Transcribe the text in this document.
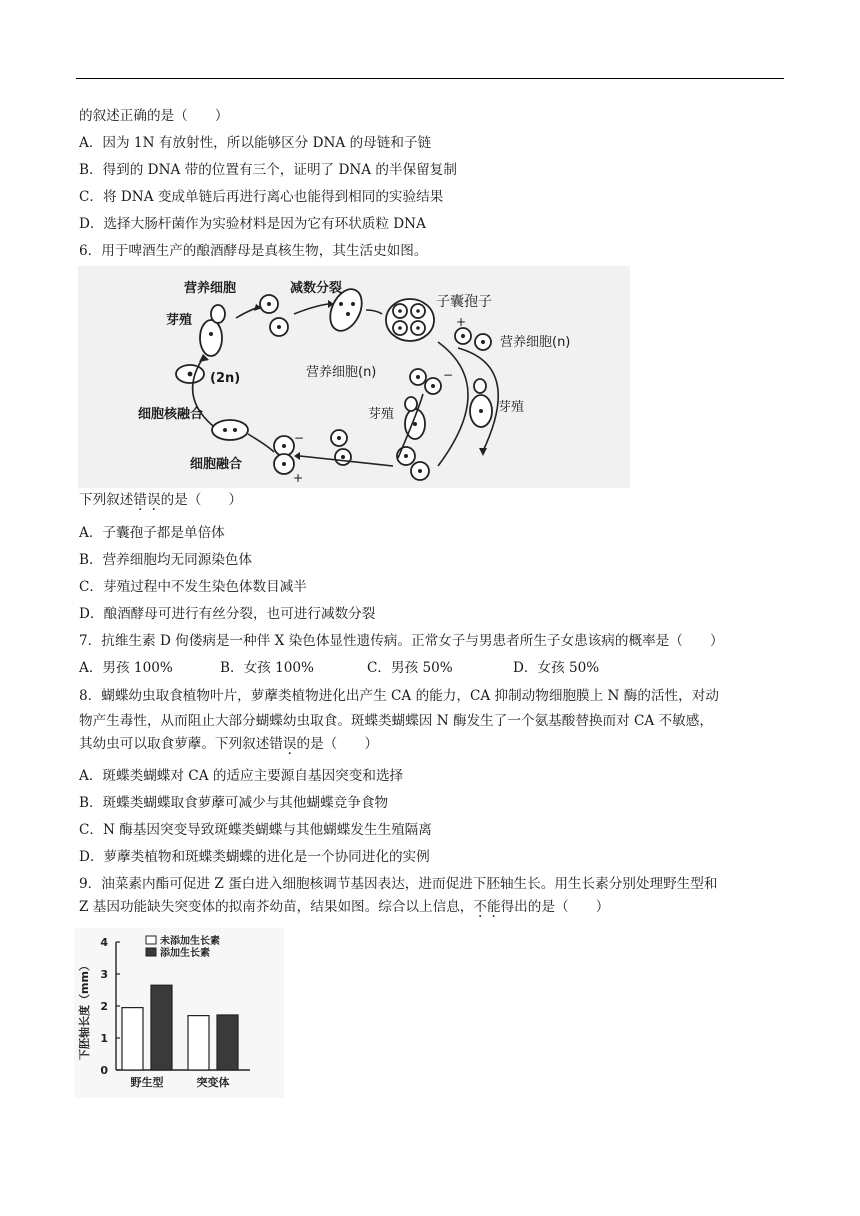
的叙述正确的是（　　）
A．因为 1N 有放射性，所以能够区分 DNA 的母链和子链
B．得到的 DNA 带的位置有三个，证明了 DNA 的半保留复制
C．将 DNA 变成单链后再进行离心也能得到相同的实验结果
D．选择大肠杆菌作为实验材料是因为它有环状质粒 DNA
6．用于啤酒生产的酿酒酵母是真核生物，其生活史如图。
营养细胞	减数分裂
子囊孢子
芽殖
(2n)
细胞核融合
细胞融合
营养细胞(n)
营养细胞(n)
芽殖	芽殖
+
−
−
+
下列叙述错误的是（　　）
A．子囊孢子都是单倍体
B．营养细胞均无同源染色体
C．芽殖过程中不发生染色体数目减半
D．酿酒酵母可进行有丝分裂，也可进行减数分裂
7．抗维生素 D 佝偻病是一种伴 X 染色体显性遗传病。正常女子与男患者所生子女患该病的概率是（　　）
A．男孩 100%	B．女孩 100%	C．男孩 50%	D．女孩 50%
8．蝴蝶幼虫取食植物叶片，萝藦类植物进化出产生 CA 的能力，CA 抑制动物细胞膜上 N 酶的活性，对动
物产生毒性，从而阻止大部分蝴蝶幼虫取食。斑蝶类蝴蝶因 N 酶发生了一个氨基酸替换而对 CA 不敏感，
其幼虫可以取食萝藦。下列叙述错误的是（　　）
A．斑蝶类蝴蝶对 CA 的适应主要源自基因突变和选择
B．斑蝶类蝴蝶取食萝藦可减少与其他蝴蝶竞争食物
C．N 酶基因突变导致斑蝶类蝴蝶与其他蝴蝶发生生殖隔离
D．萝藦类植物和斑蝶类蝴蝶的进化是一个协同进化的实例
9．油菜素内酯可促进 Z 蛋白进入细胞核调节基因表达，进而促进下胚轴生长。用生长素分别处理野生型和
Z 基因功能缺失突变体的拟南芥幼苗，结果如图。综合以上信息，不能得出的是（　　）
下胚轴长度（mm）
0
1
2
3
4
野生型	突变体
未添加生长素
添加生长素
